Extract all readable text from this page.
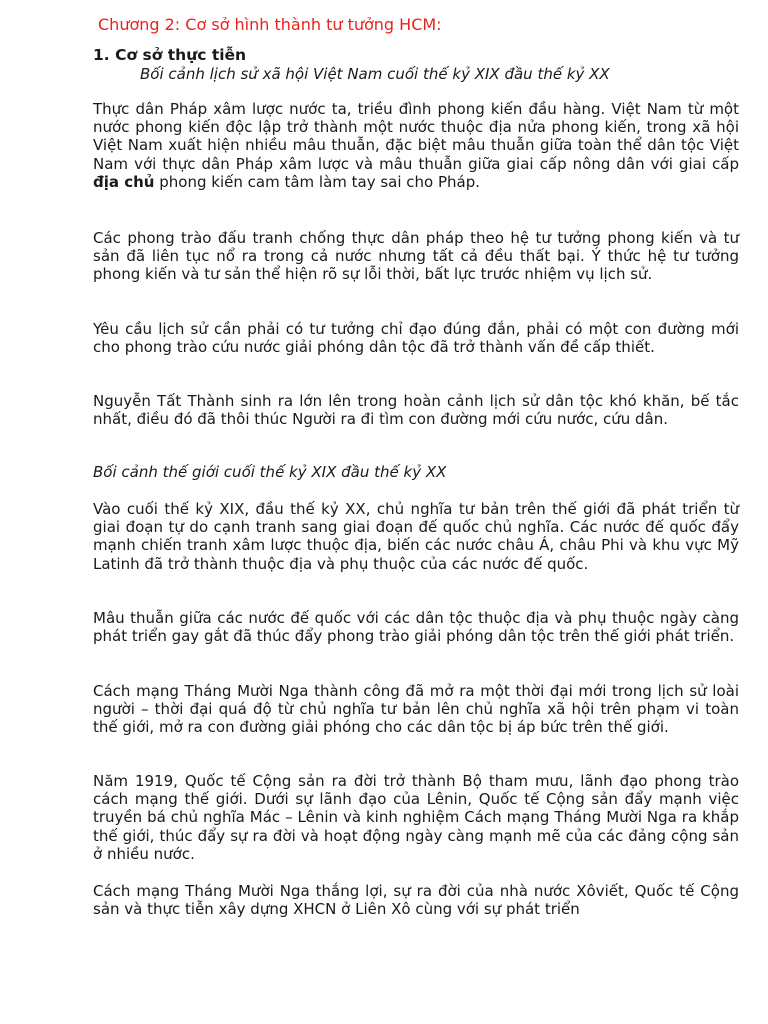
Chương 2: Cơ sở hình thành tư tưởng HCM:
1. Cơ sở thực tiễn
Bối cảnh lịch sử xã hội Việt Nam cuối thế kỷ XIX đầu thế kỷ XX

Thực dân Pháp xâm lược nước ta, triều đình phong kiến đầu hàng. Việt Nam từ một nước phong kiến độc lập trở thành một nước thuộc địa nửa phong kiến, trong xã hội Việt Nam xuất hiện nhiều mâu thuẫn, đặc biệt mâu thuẫn giữa toàn thể dân tộc Việt Nam với thực dân Pháp xâm lược và mâu thuẫn giữa giai cấp nông dân với giai cấp địa chủ phong kiến cam tâm làm tay sai cho Pháp.

Các phong trào đấu tranh chống thực dân pháp theo hệ tư tưởng phong kiến và tư sản đã liên tục nổ ra trong cả nước nhưng tất cả đều thất bại. Ý thức hệ tư tưởng phong kiến và tư sản thể hiện rõ sự lỗi thời, bất lực trước nhiệm vụ lịch sử.

Yêu cầu lịch sử cần phải có tư tưởng chỉ đạo đúng đắn, phải có một con đường mới cho phong trào cứu nước giải phóng dân tộc đã trở thành vấn đề cấp thiết.

Nguyễn Tất Thành sinh ra lớn lên trong hoàn cảnh lịch sử dân tộc khó khăn, bế tắc nhất, điều đó đã thôi thúc Người ra đi tìm con đường mới cứu nước, cứu dân.

Bối cảnh thế giới cuối thế kỷ XIX đầu thế kỷ XX

Vào cuối thế kỷ XIX, đầu thế kỷ XX, chủ nghĩa tư bản trên thế giới đã phát triển từ giai đoạn tự do cạnh tranh sang giai đoạn đế quốc chủ nghĩa. Các nước đế quốc đẩy mạnh chiến tranh xâm lược thuộc địa, biến các nước châu Á, châu Phi và khu vực Mỹ Latinh đã trở thành thuộc địa và phụ thuộc của các nước đế quốc.

Mâu thuẫn giữa các nước đế quốc với các dân tộc thuộc địa và phụ thuộc ngày càng phát triển gay gắt đã thúc đẩy phong trào giải phóng dân tộc trên thế giới phát triển.

Cách mạng Tháng Mười Nga thành công đã mở ra một thời đại mới trong lịch sử loài người – thời đại quá độ từ chủ nghĩa tư bản lên chủ nghĩa xã hội trên phạm vi toàn thế giới, mở ra con đường giải phóng cho các dân tộc bị áp bức trên thế giới.

Năm 1919, Quốc tế Cộng sản ra đời trở thành Bộ tham mưu, lãnh đạo phong trào cách mạng thế giới. Dưới sự lãnh đạo của Lênin, Quốc tế Cộng sản đẩy mạnh việc truyền bá chủ nghĩa Mác – Lênin và kinh nghiệm Cách mạng Tháng Mười Nga ra khắp thế giới, thúc đẩy sự ra đời và hoạt động ngày càng mạnh mẽ của các đảng cộng sản ở nhiều nước.

Cách mạng Tháng Mười Nga thắng lợi, sự ra đời của nhà nước Xôviết, Quốc tế Cộng sản và thực tiễn xây dựng XHCN ở Liên Xô cùng với sự phát triển
